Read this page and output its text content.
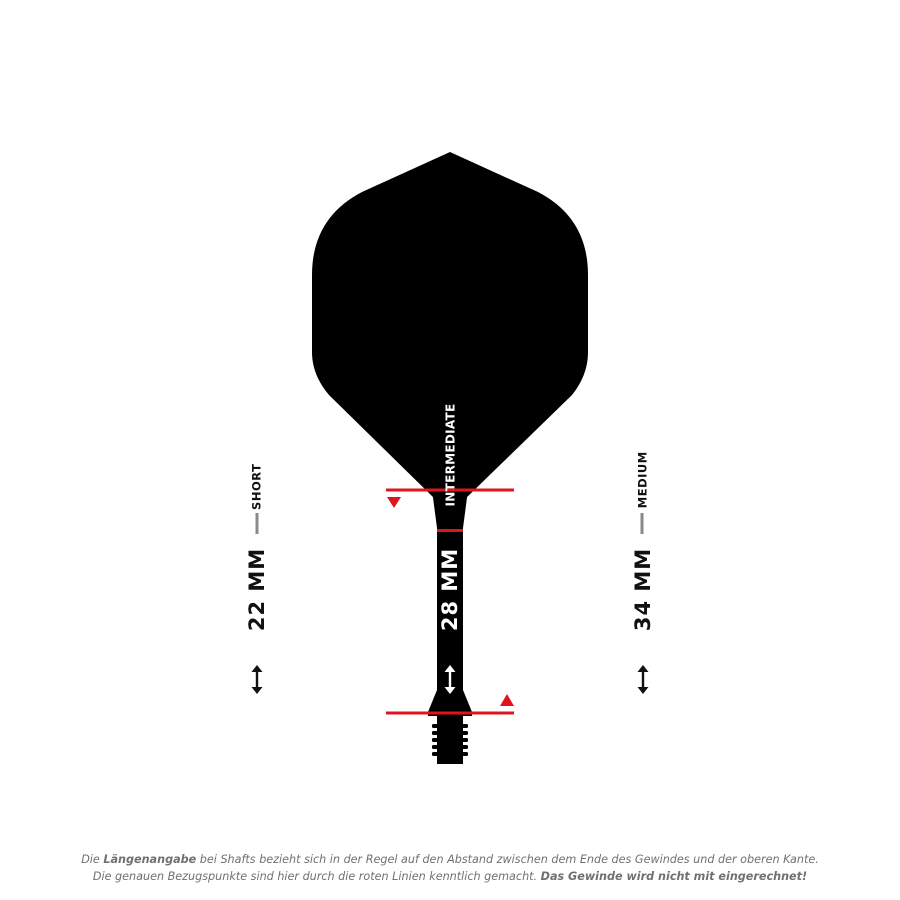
SHORT
22 MM
INTERMEDIATE
28 MM
MEDIUM
34 MM
Die Längenangabe bei Shafts bezieht sich in der Regel auf den Abstand zwischen dem Ende des Gewindes und der oberen Kante.
Die genauen Bezugspunkte sind hier durch die roten Linien kenntlich gemacht. Das Gewinde wird nicht mit eingerechnet!
